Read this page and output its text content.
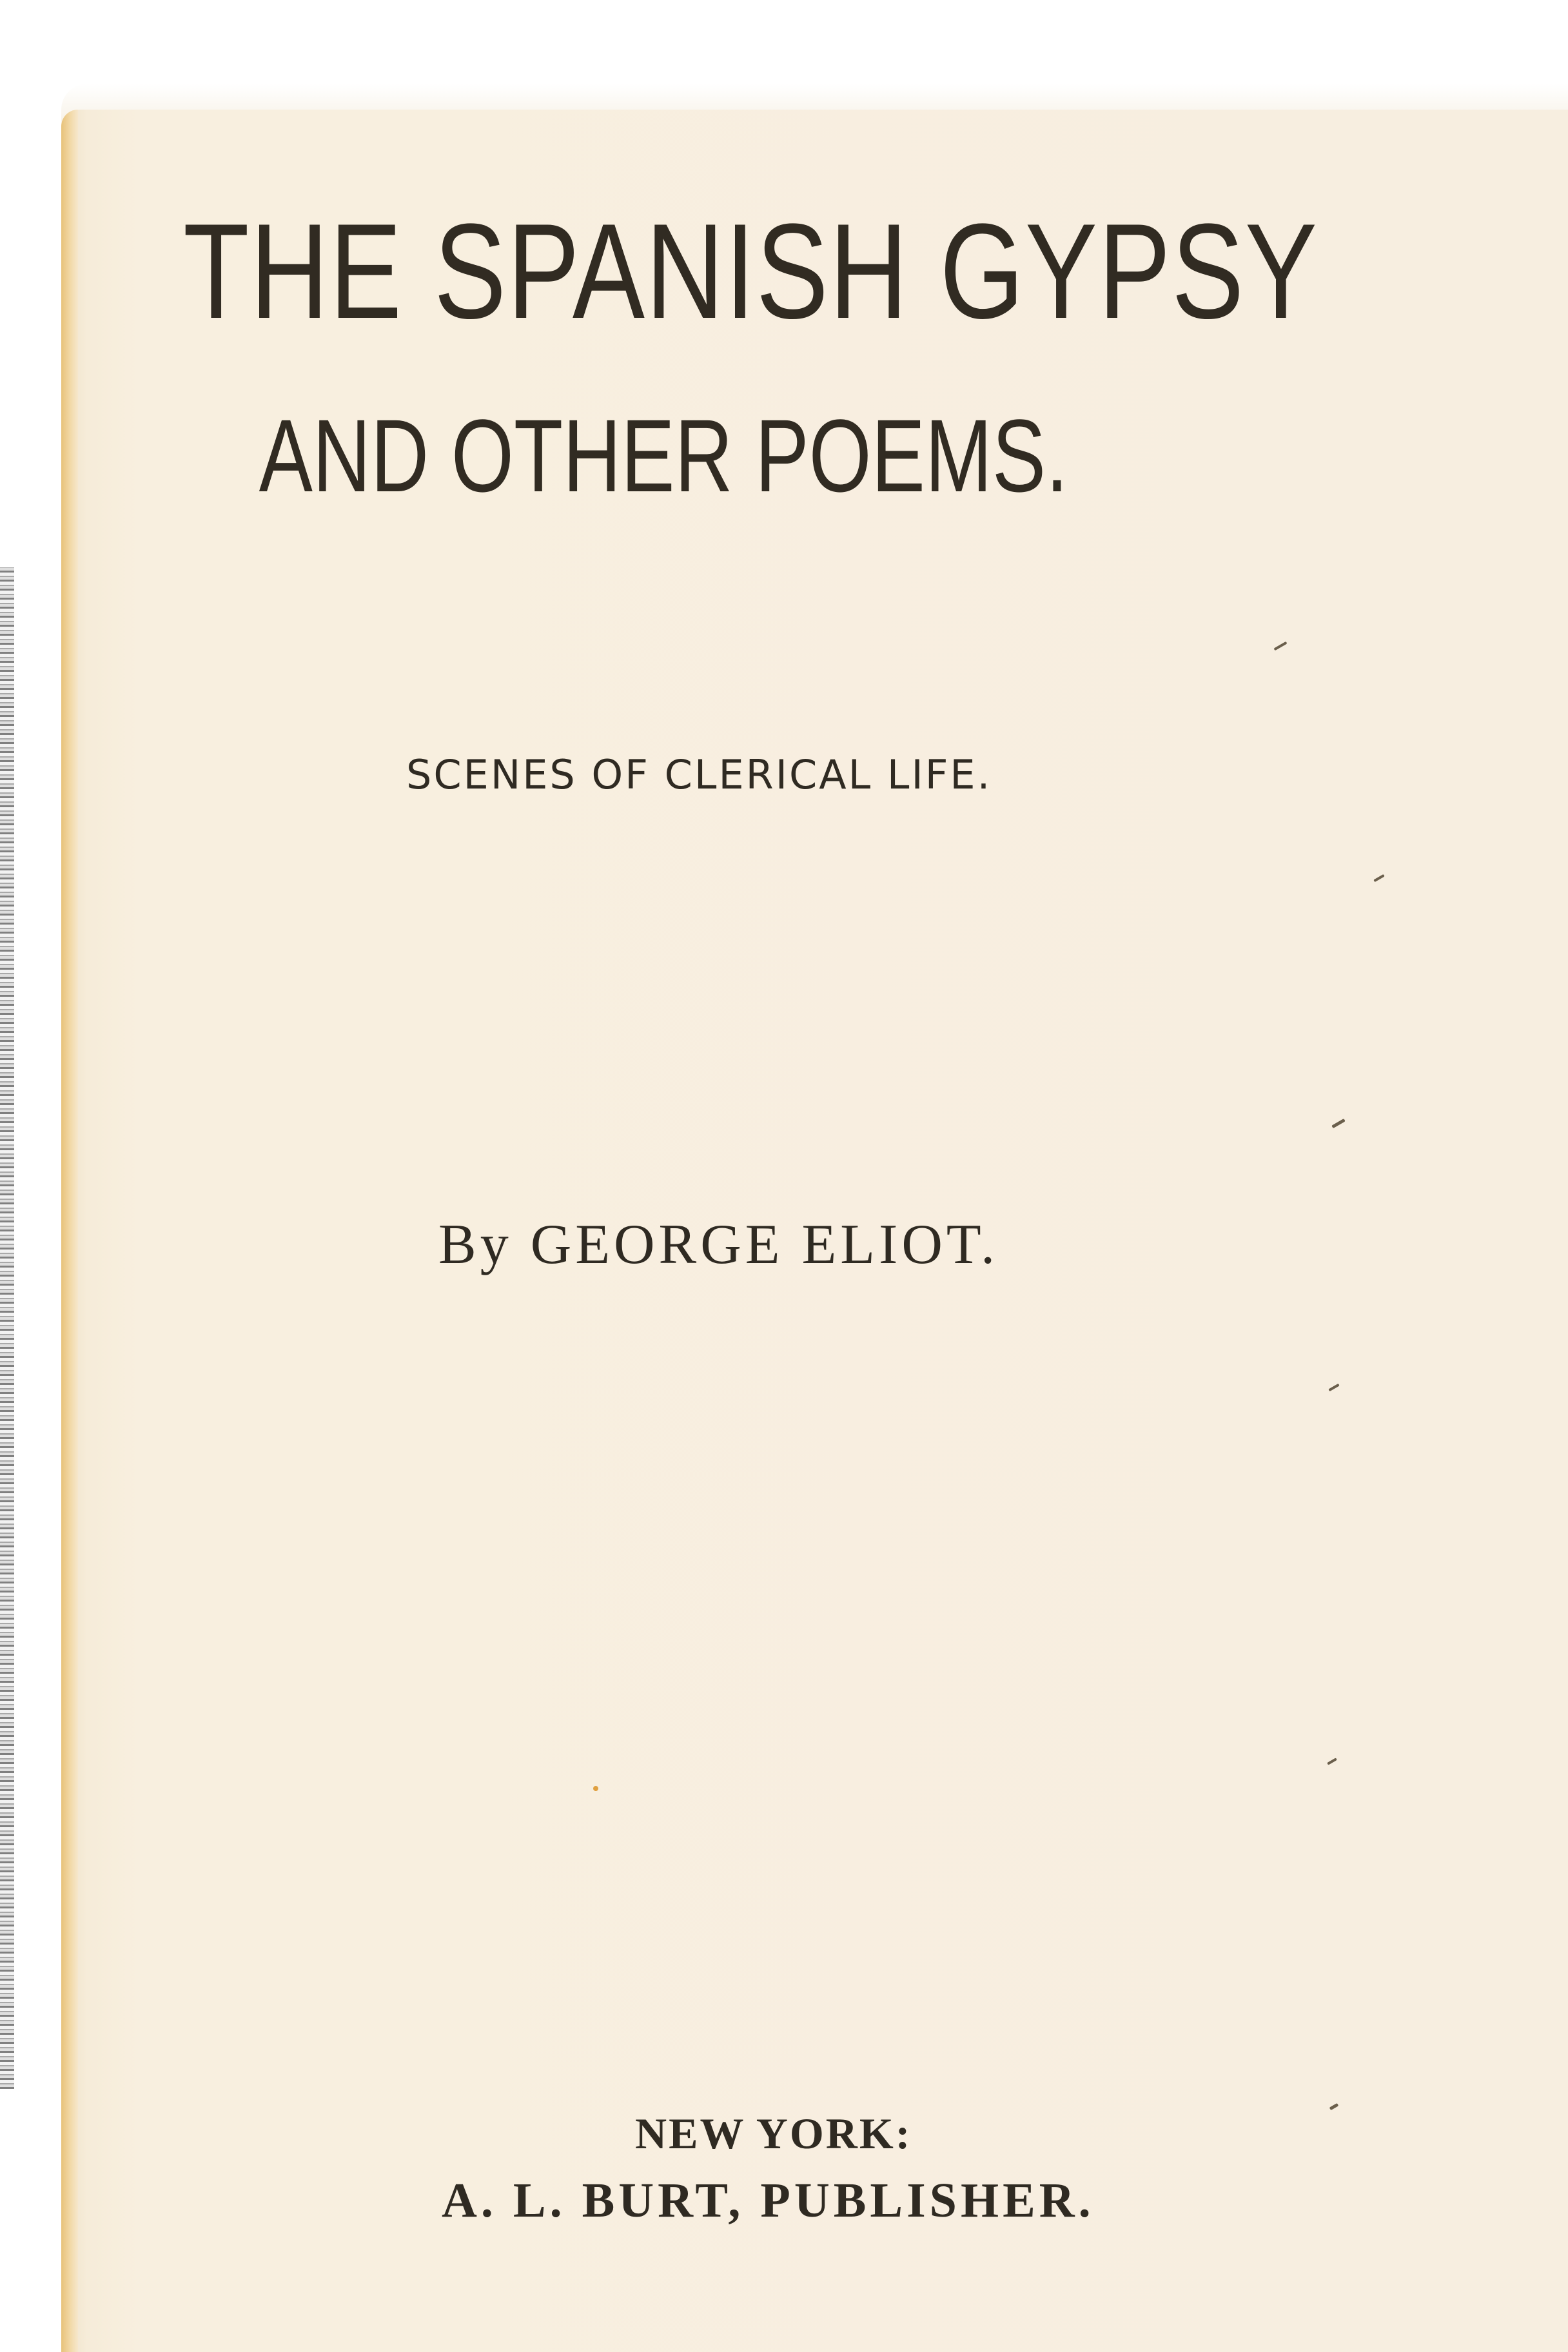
THE SPANISH GYPSY
AND OTHER POEMS.
SCENES OF CLERICAL LIFE.
By GEORGE ELIOT.
NEW YORK:
A. L. BURT, PUBLISHER.
